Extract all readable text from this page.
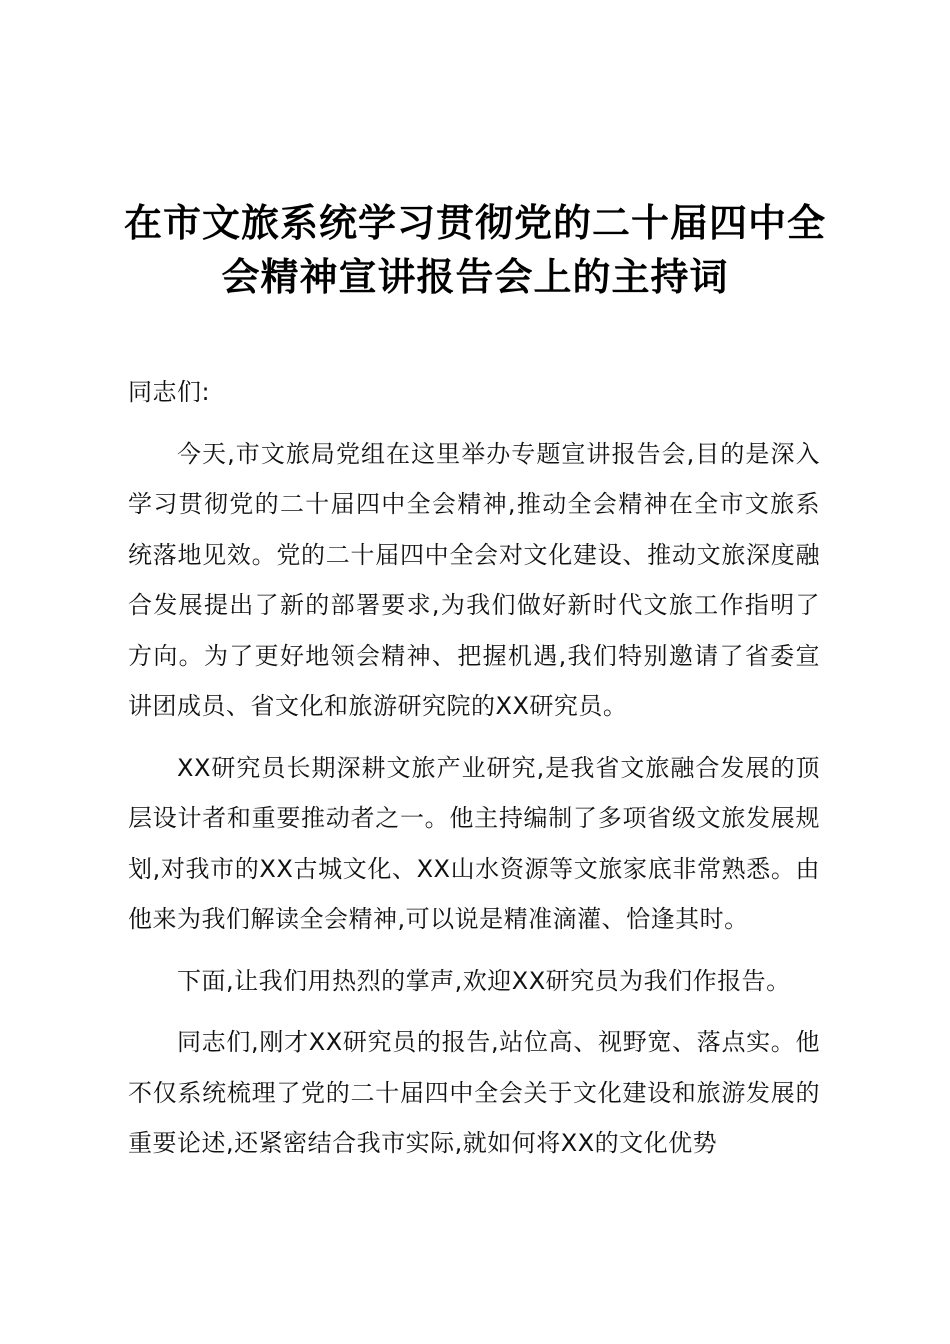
在市文旅系统学习贯彻党的二十届四中全
会精神宣讲报告会上的主持词

同志们:

今天,市文旅局党组在这里举办专题宣讲报告会,目的是深入学习贯彻党的二十届四中全会精神,推动全会精神在全市文旅系统落地见效。党的二十届四中全会对文化建设、推动文旅深度融合发展提出了新的部署要求,为我们做好新时代文旅工作指明了方向。为了更好地领会精神、把握机遇,我们特别邀请了省委宣讲团成员、省文化和旅游研究院的XX研究员。

XX研究员长期深耕文旅产业研究,是我省文旅融合发展的顶层设计者和重要推动者之一。他主持编制了多项省级文旅发展规划,对我市的XX古城文化、XX山水资源等文旅家底非常熟悉。由他来为我们解读全会精神,可以说是精准滴灌、恰逢其时。

下面,让我们用热烈的掌声,欢迎XX研究员为我们作报告。

同志们,刚才XX研究员的报告,站位高、视野宽、落点实。他不仅系统梳理了党的二十届四中全会关于文化建设和旅游发展的重要论述,还紧密结合我市实际,就如何将XX的文化优势
